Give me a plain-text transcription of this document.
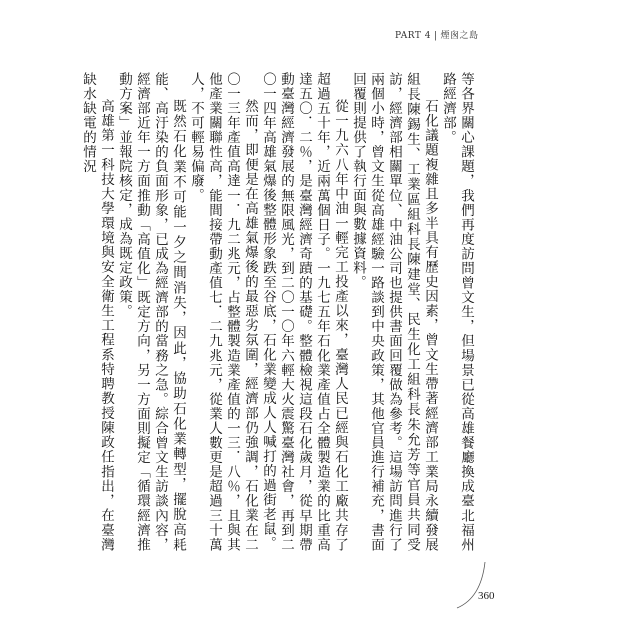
PART 4 | 煙囪之島

等各界關心課題，我們再度訪問曾文生，但場景已從高雄餐廳換成臺北福州路經濟部。

石化議題複雜且多半具有歷史因素，曾文生帶著經濟部工業局永續發展組長陳錫生、工業區組科長陳建堂、民生化工組科長朱允芳等官員共同受訪，經濟部相關單位、中油公司也提供書面回覆做為參考。這場訪問進行了兩個小時，曾文生從高雄經驗一路談到中央政策，其他官員進行補充，書面回覆則提供了執行面與數據資料。

從一九六八年中油一輕完工投產以來，臺灣人民已經與石化工廠共存了超過五十年，近兩萬個日子。一九七五年石化業產值占全體製造業的比重高達五〇．二％，是臺灣經濟奇蹟的基礎。整體檢視這段石化歲月，從早期帶動臺灣經濟發展的無限風光，到二〇一〇年六輕大火震驚臺灣社會，再到二〇一四年高雄氣爆後整體形象跌至谷底，石化業變成人人喊打的過街老鼠。

然而，即便是在高雄氣爆後的最惡劣氛圍，經濟部仍強調，石化業在二〇一三年產值高達一．九二兆元，占整體製造業產值的一三．八％，且與其他產業關聯性高，能間接帶動產值七．二九兆元，從業人數更是超過三十萬人，不可輕易偏廢。

既然石化業不可能一夕之間消失，因此，協助石化業轉型，擺脫高耗能、高汙染的負面形象，已成為經濟部的當務之急。綜合曾文生訪談內容，經濟部近年一方面推動「高值化」既定方向，另一方面則擬定「循環經濟推動方案」並報院核定，成為既定政策。

高雄第一科技大學環境與安全衛生工程系特聘教授陳政任指出，在臺灣缺水缺電的情況

360
